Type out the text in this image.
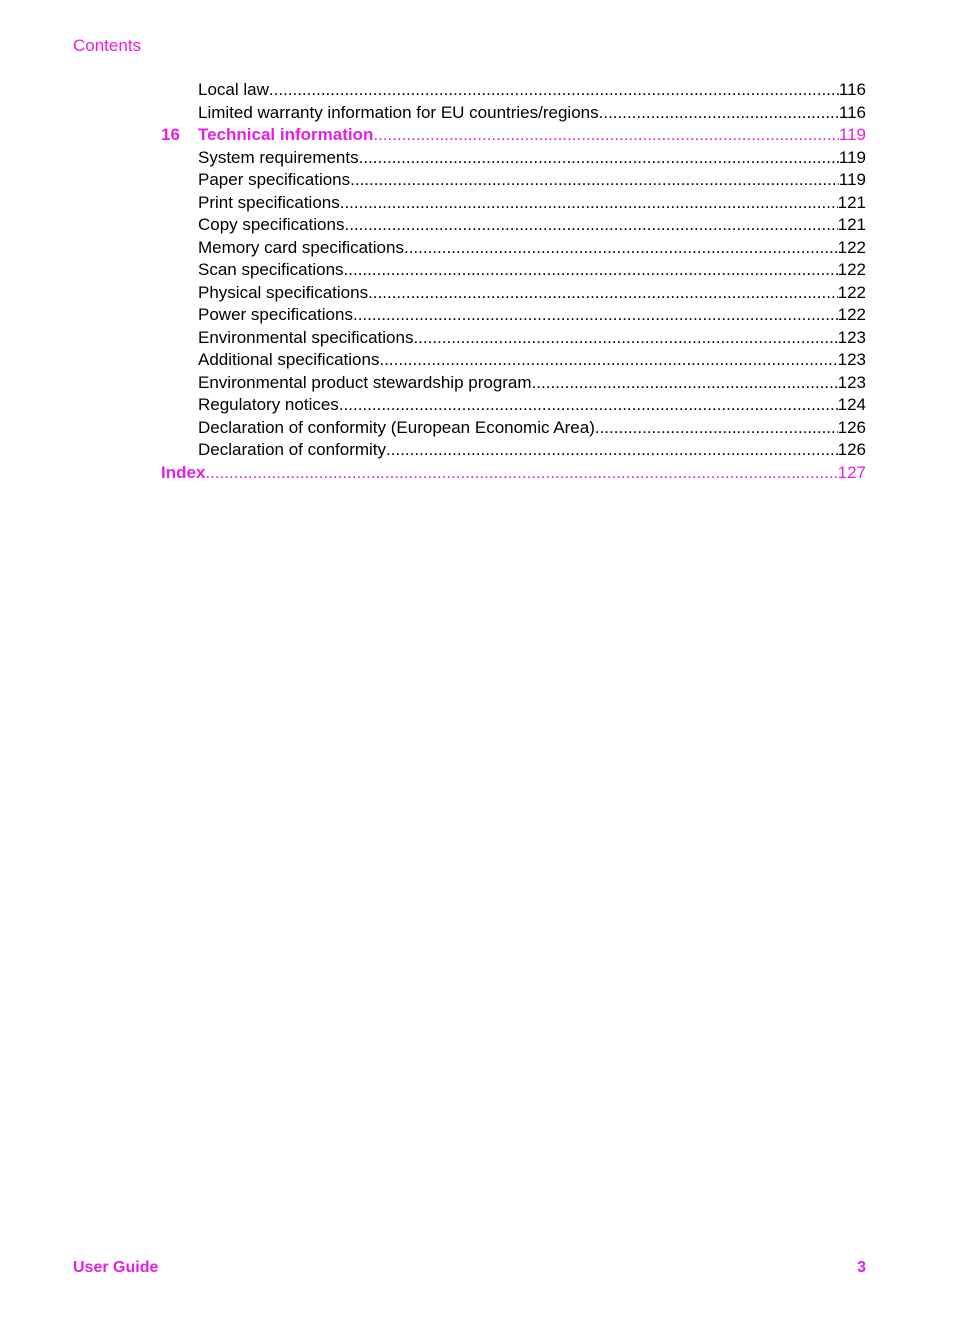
Contents
Local law .....	116
Limited warranty information for EU countries/regions .....	116
16	Technical information .....	119
System requirements .....	119
Paper specifications .....	119
Print specifications .....	121
Copy specifications .....	121
Memory card specifications .....	122
Scan specifications .....	122
Physical specifications .....	122
Power specifications .....	122
Environmental specifications .....	123
Additional specifications .....	123
Environmental product stewardship program .....	123
Regulatory notices .....	124
Declaration of conformity (European Economic Area) .....	126
Declaration of conformity .....	126
Index .....	127
User Guide	3
